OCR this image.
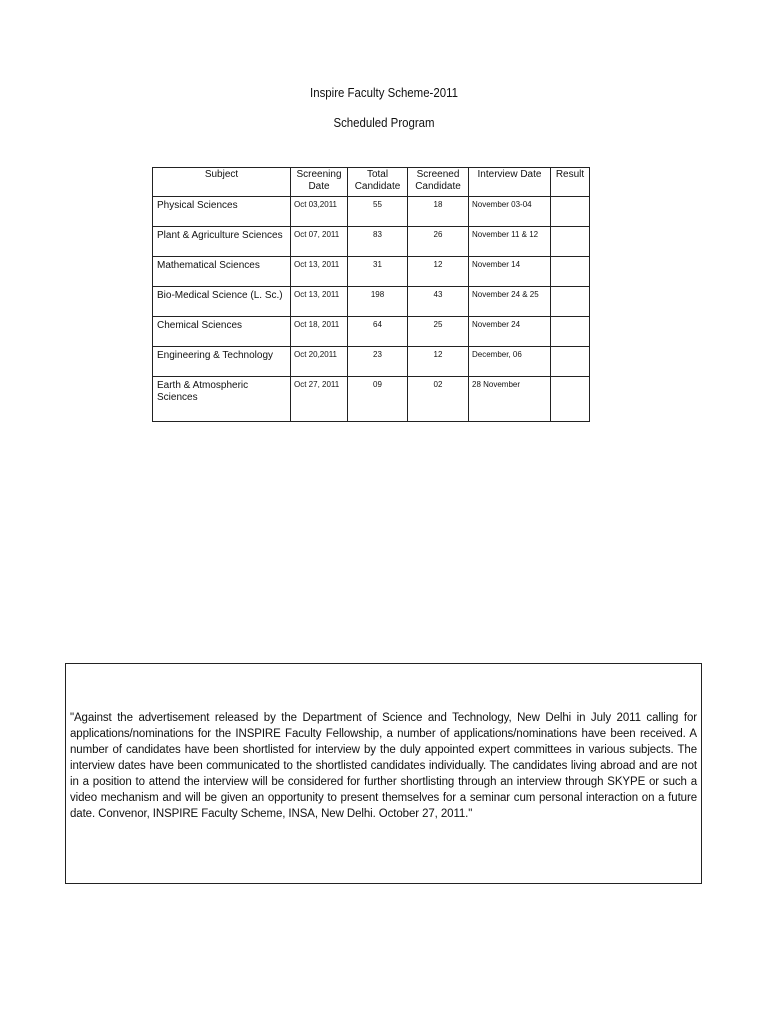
Inspire Faculty Scheme-2011
Scheduled Program
Subject	Screening Date	Total Candidate	Screened Candidate	Interview Date	Result
Physical Sciences	Oct 03,2011	55	18	November 03-04	
Plant & Agriculture Sciences	Oct 07, 2011	83	26	November 11 & 12	
Mathematical Sciences	Oct 13, 2011	31	12	November 14	
Bio-Medical Science (L. Sc.)	Oct 13, 2011	198	43	November 24 & 25	
Chemical Sciences	Oct 18, 2011	64	25	November 24	
Engineering & Technology	Oct 20,2011	23	12	December, 06	
Earth & Atmospheric Sciences	Oct 27, 2011	09	02	28 November	
"Against the advertisement released by the Department of Science and Technology, New Delhi in July 2011 calling for applications/nominations for the INSPIRE Faculty Fellowship, a number of applications/nominations have been received. A number of candidates have been shortlisted for interview by the duly appointed expert committees in various subjects. The interview dates have been communicated to the shortlisted candidates individually. The candidates living abroad and are not in a position to attend the interview will be considered for further shortlisting through an interview through SKYPE or such a video mechanism and will be given an opportunity to present themselves for a seminar cum personal interaction on a future date. Convenor, INSPIRE Faculty Scheme, INSA, New Delhi. October 27, 2011."
